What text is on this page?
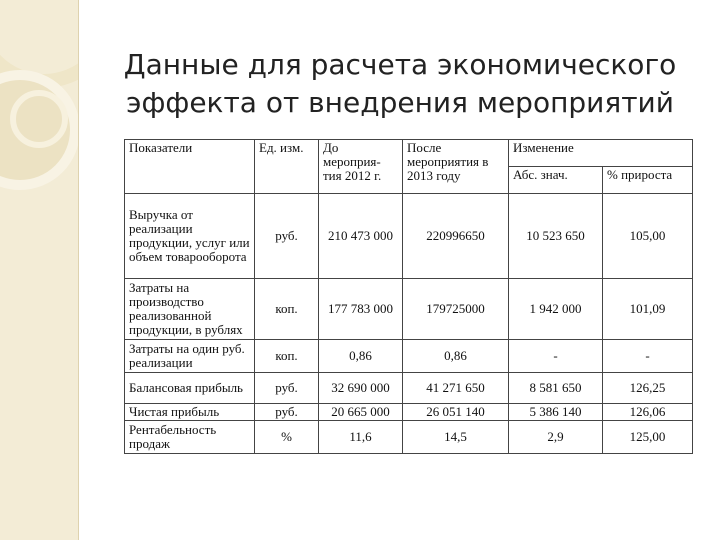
Данные для расчета экономического
эффекта от внедрения мероприятий
Показатели	Ед. изм.	До мероприя-тия 2012 г.	После мероприятия в 2013 году	Изменение	
				Абс. знач.	% прироста
Выручка от реализации продукции, услуг или объем товарооборота	руб.	210 473 000	220996650	10 523 650	105,00
Затраты на производство реализованной продукции, в рублях	коп.	177 783 000	179725000	1 942 000	101,09
Затраты на один руб. реализации	коп.	0,86	0,86	-	-
Балансовая прибыль	руб.	32 690 000	41 271 650	8 581 650	126,25
Чистая прибыль	руб.	20 665 000	26 051 140	5 386 140	126,06
Рентабельность продаж	%	11,6	14,5	2,9	125,00
